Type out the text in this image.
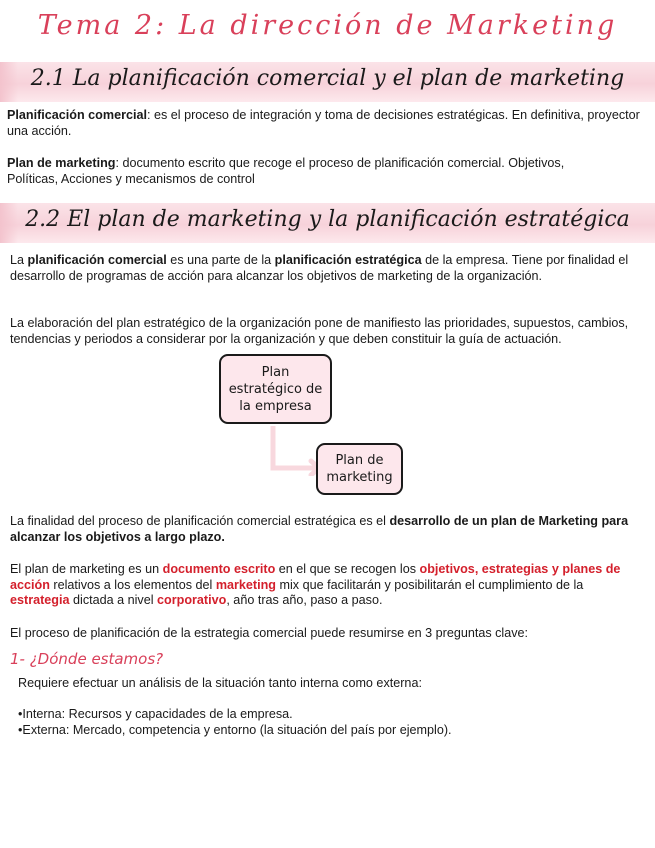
Tema 2: La dirección de Marketing
2.1 La planificación comercial y el plan de marketing

Planificación comercial: es el proceso de integración y toma de decisiones estratégicas. En definitiva, proyector una acción.

Plan de marketing: documento escrito que recoge el proceso de planificación comercial. Objetivos, Políticas, Acciones y mecanismos de control

2.2 El plan de marketing y la planificación estratégica

La planificación comercial es una parte de la planificación estratégica de la empresa. Tiene por finalidad el desarrollo de programas de acción para alcanzar los objetivos de marketing de la organización.

La elaboración del plan estratégico de la organización pone de manifiesto las prioridades, supuestos, cambios, tendencias y periodos a considerar por la organización y que deben constituir la guía de actuación.

Plan
estratégico de
la empresa
Plan de
marketing

La finalidad del proceso de planificación comercial estratégica es el desarrollo de un plan de Marketing para alcanzar los objetivos a largo plazo.

El plan de marketing es un documento escrito en el que se recogen los objetivos, estrategias y planes de acción relativos a los elementos del marketing mix que facilitarán y posibilitarán el cumplimiento de la estrategia dictada a nivel corporativo, año tras año, paso a paso.

El proceso de planificación de la estrategia comercial puede resumirse en 3 preguntas clave:

1- ¿Dónde estamos?

Requiere efectuar un análisis de la situación tanto interna como externa:

• Interna: Recursos y capacidades de la empresa.
• Externa: Mercado, competencia y entorno (la situación del país por ejemplo).
